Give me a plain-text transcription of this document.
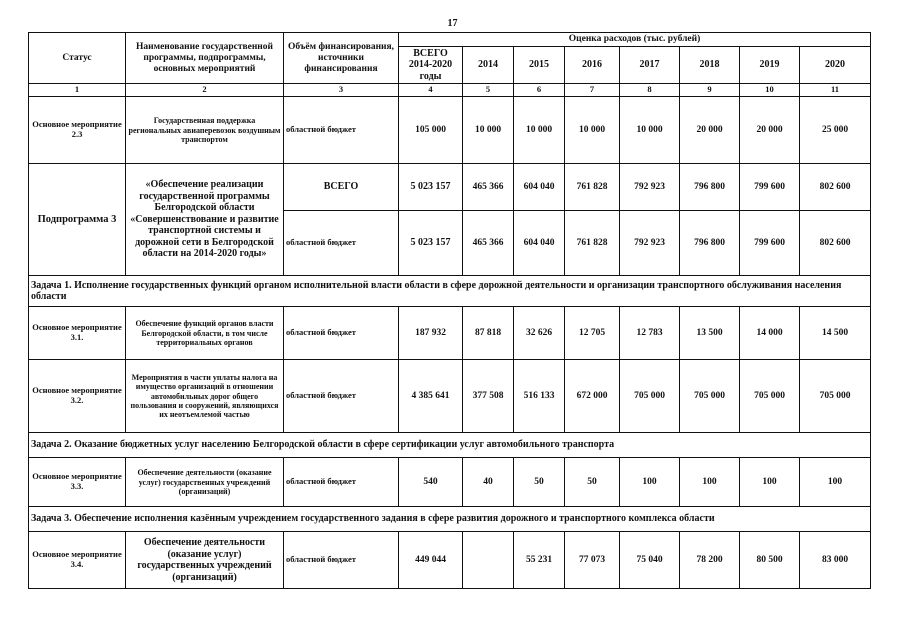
17
Статус	Наименование государственной программы, подпрограммы, основных мероприятий	Объём финансирования, источники финансирования	Оценка расходов (тыс. рублей)							
			ВСЕГО 2014-2020 годы	2014	2015	2016	2017	2018	2019	2020
1	2	3	4	5	6	7	8	9	10	11
Основное мероприятие 2.3	Государственная поддержка региональных авиаперевозок воздушным транспортом	областной бюджет	105 000	10 000	10 000	10 000	10 000	20 000	20 000	25 000
Подпрограмма 3	«Обеспечение реализации государственной программы Белгородской области «Совершенствование и развитие транспортной системы и дорожной сети в Белгородской области на 2014-2020 годы»	ВСЕГО	5 023 157	465 366	604 040	761 828	792 923	796 800	799 600	802 600
		областной бюджет	5 023 157	465 366	604 040	761 828	792 923	796 800	799 600	802 600
Задача 1. Исполнение государственных функций органом исполнительной власти области в сфере дорожной деятельности и организации транспортного обслуживания населения области										
Основное мероприятие 3.1.	Обеспечение функций органов власти Белгородской области, в том числе территориальных органов	областной бюджет	187 932	87 818	32 626	12 705	12 783	13 500	14 000	14 500
Основное мероприятие 3.2.	Мероприятия в части уплаты налога на имущество организаций в отношении автомобильных дорог общего пользования и сооружений, являющихся их неотъемлемой частью	областной бюджет	4 385 641	377 508	516 133	672 000	705 000	705 000	705 000	705 000
Задача 2. Оказание бюджетных услуг населению Белгородской области в сфере сертификации услуг автомобильного транспорта										
Основное мероприятие 3.3.	Обеспечение деятельности (оказание услуг) государственных учреждений (организаций)	областной бюджет	540	40	50	50	100	100	100	100
Задача 3. Обеспечение исполнения казённым учреждением государственного задания в сфере развития дорожного и транспортного комплекса области										
Основное мероприятие 3.4.	Обеспечение деятельности (оказание услуг) государственных учреждений (организаций)	областной бюджет	449 044		55 231	77 073	75 040	78 200	80 500	83 000
